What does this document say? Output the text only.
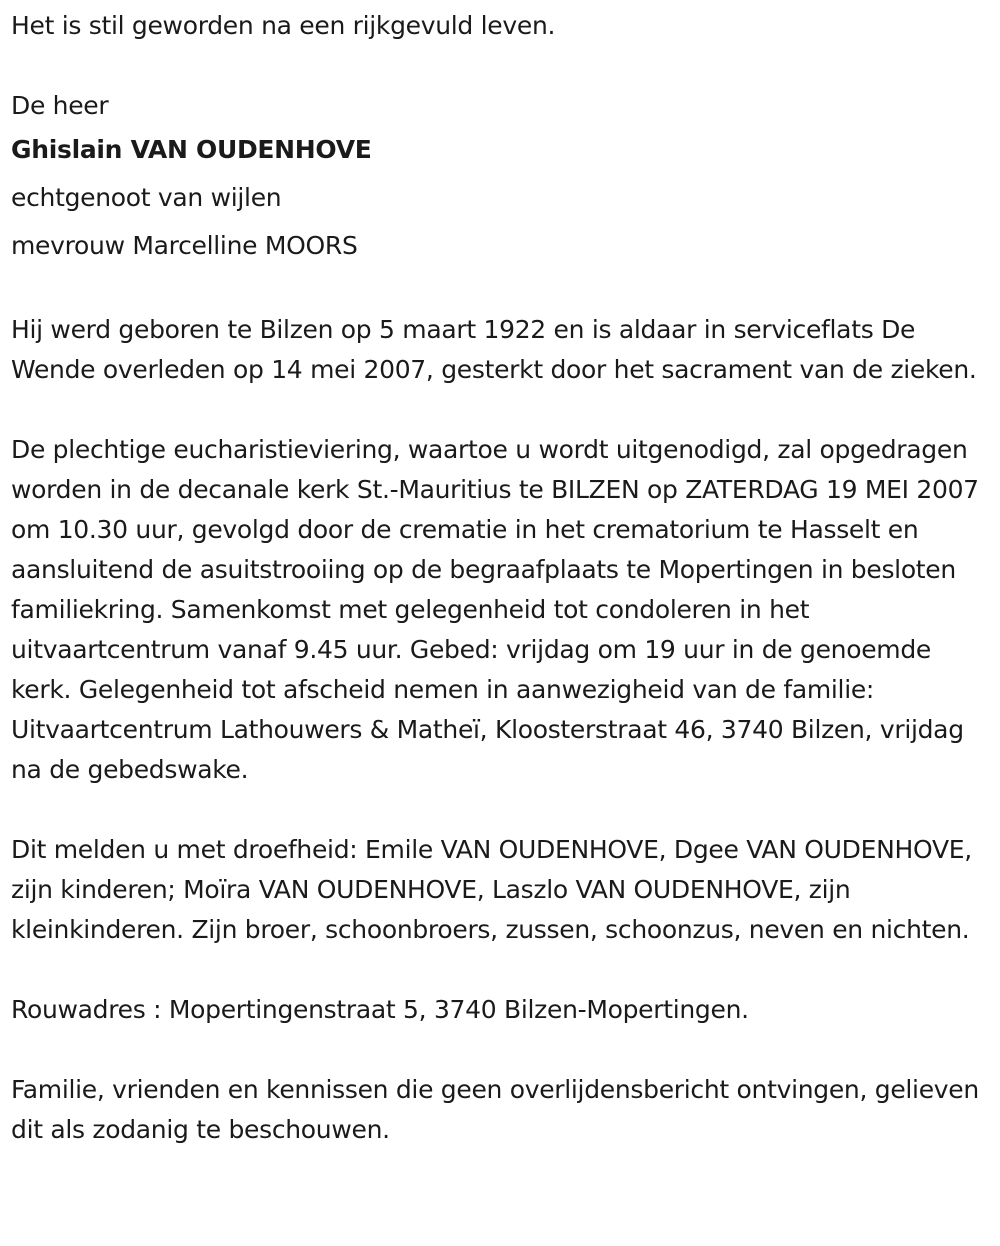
Het is stil geworden na een rijkgevuld leven.

De heer

Ghislain VAN OUDENHOVE

echtgenoot van wijlen

mevrouw Marcelline MOORS

Hij werd geboren te Bilzen op 5 maart 1922 en is aldaar in serviceflats De Wende overleden op 14 mei 2007, gesterkt door het sacrament van de zieken.

De plechtige eucharistieviering, waartoe u wordt uitgenodigd, zal opgedragen worden in de decanale kerk St.-Mauritius te BILZEN op ZATERDAG 19 MEI 2007 om 10.30 uur, gevolgd door de crematie in het crematorium te Hasselt en aansluitend de asuitstrooiing op de begraafplaats te Mopertingen in besloten familiekring. Samenkomst met gelegenheid tot condoleren in het uitvaartcentrum vanaf 9.45 uur. Gebed: vrijdag om 19 uur in de genoemde kerk. Gelegenheid tot afscheid nemen in aanwezigheid van de familie: Uitvaartcentrum Lathouwers & Matheï, Kloosterstraat 46, 3740 Bilzen, vrijdag na de gebedswake.

Dit melden u met droefheid: Emile VAN OUDENHOVE, Dgee VAN OUDENHOVE, zijn kinderen; Moïra VAN OUDENHOVE, Laszlo VAN OUDENHOVE, zijn kleinkinderen. Zijn broer, schoonbroers, zussen, schoonzus, neven en nichten.

Rouwadres : Mopertingenstraat 5, 3740 Bilzen-Mopertingen.

Familie, vrienden en kennissen die geen overlijdensbericht ontvingen, gelieven dit als zodanig te beschouwen.
